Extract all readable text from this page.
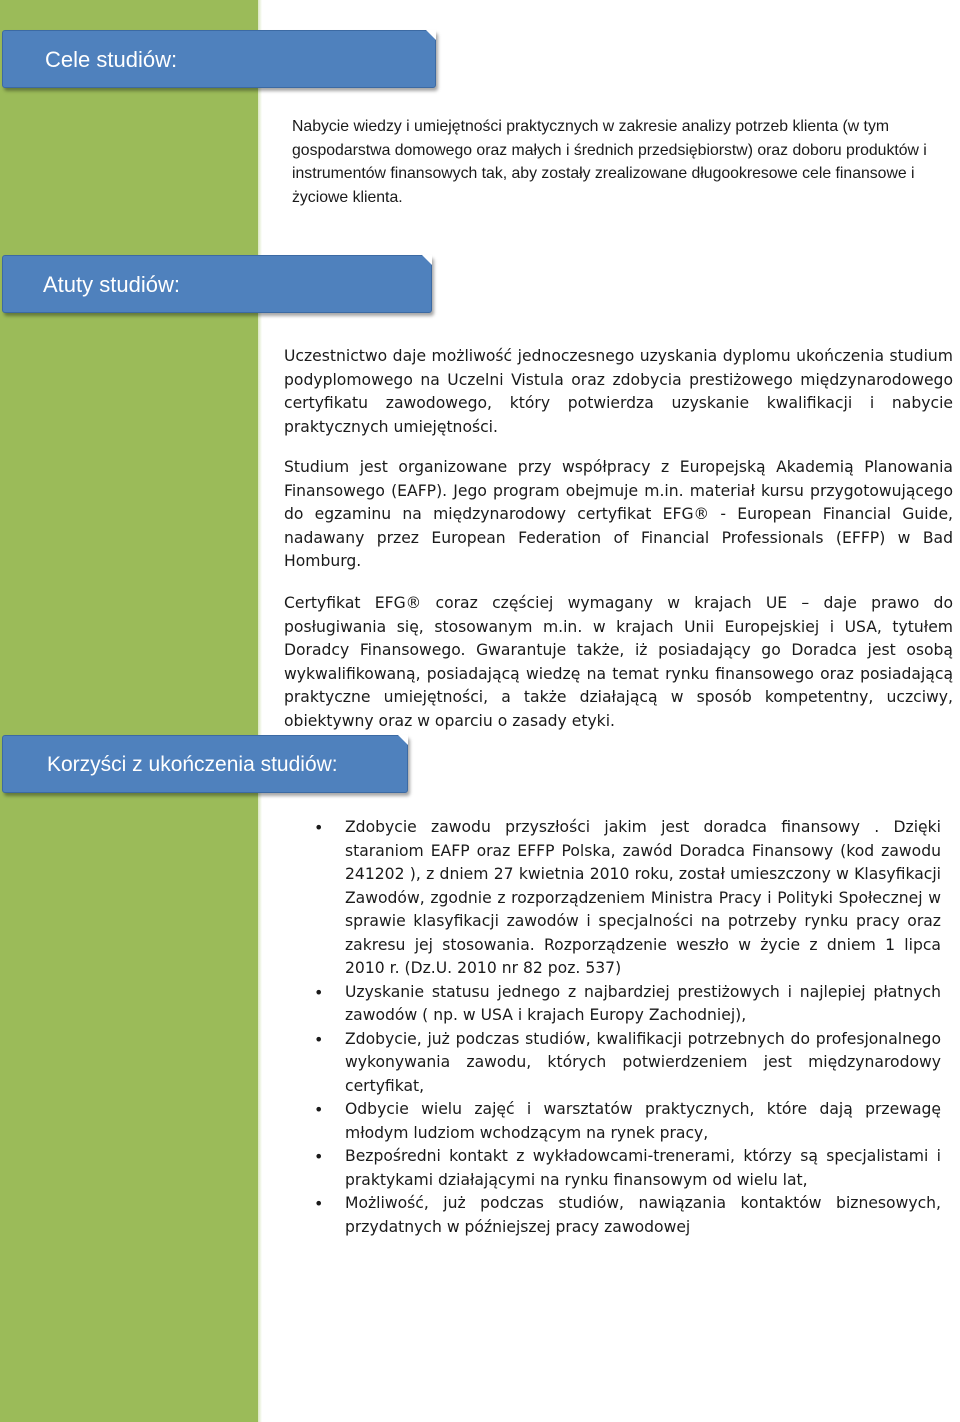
Cele studiów:

Nabycie wiedzy i umiejętności praktycznych w zakresie analizy potrzeb klienta (w tym gospodarstwa domowego oraz małych i średnich przedsiębiorstw) oraz doboru produktów i instrumentów finansowych tak, aby zostały zrealizowane długookresowe cele finansowe i życiowe klienta.

Atuty studiów:

Uczestnictwo daje możliwość jednoczesnego uzyskania dyplomu ukończenia studium podyplomowego na Uczelni Vistula oraz zdobycia prestiżowego międzynarodowego certyfikatu zawodowego, który potwierdza uzyskanie kwalifikacji i nabycie praktycznych umiejętności.

Studium jest organizowane przy współpracy z Europejską Akademią Planowania Finansowego (EAFP). Jego program obejmuje m.in. materiał kursu przygotowującego do egzaminu na międzynarodowy certyfikat EFG® - European Financial Guide, nadawany przez European Federation of Financial Professionals (EFFP) w Bad Homburg.

Certyfikat EFG® coraz częściej wymagany w krajach UE – daje prawo do posługiwania się, stosowanym m.in. w krajach Unii Europejskiej i USA, tytułem Doradcy Finansowego. Gwarantuje także, iż posiadający go Doradca jest osobą wykwalifikowaną, posiadającą wiedzę na temat rynku finansowego oraz posiadającą praktyczne umiejętności, a także działającą w sposób kompetentny, uczciwy, obiektywny oraz w oparciu o zasady etyki.

Korzyści z ukończenia studiów:
• Zdobycie zawodu przyszłości jakim jest doradca finansowy . Dzięki staraniom EAFP oraz EFFP Polska, zawód Doradca Finansowy (kod zawodu 241202 ), z dniem 27 kwietnia 2010 roku, został umieszczony w Klasyfikacji Zawodów, zgodnie z rozporządzeniem Ministra Pracy i Polityki Społecznej w sprawie klasyfikacji zawodów i specjalności na potrzeby rynku pracy oraz zakresu jej stosowania. Rozporządzenie weszło w życie z dniem 1 lipca 2010 r. (Dz.U. 2010 nr 82 poz. 537)
• Uzyskanie statusu jednego z najbardziej prestiżowych i najlepiej płatnych zawodów ( np. w USA i krajach Europy Zachodniej),
• Zdobycie, już podczas studiów, kwalifikacji potrzebnych do profesjonalnego wykonywania zawodu, których potwierdzeniem jest międzynarodowy certyfikat,
• Odbycie wielu zajęć i warsztatów praktycznych, które dają przewagę młodym ludziom wchodzącym na rynek pracy,
• Bezpośredni kontakt z wykładowcami-trenerami, którzy są specjalistami i praktykami działającymi na rynku finansowym od wielu lat,
• Możliwość, już podczas studiów, nawiązania kontaktów biznesowych, przydatnych w późniejszej pracy zawodowej
